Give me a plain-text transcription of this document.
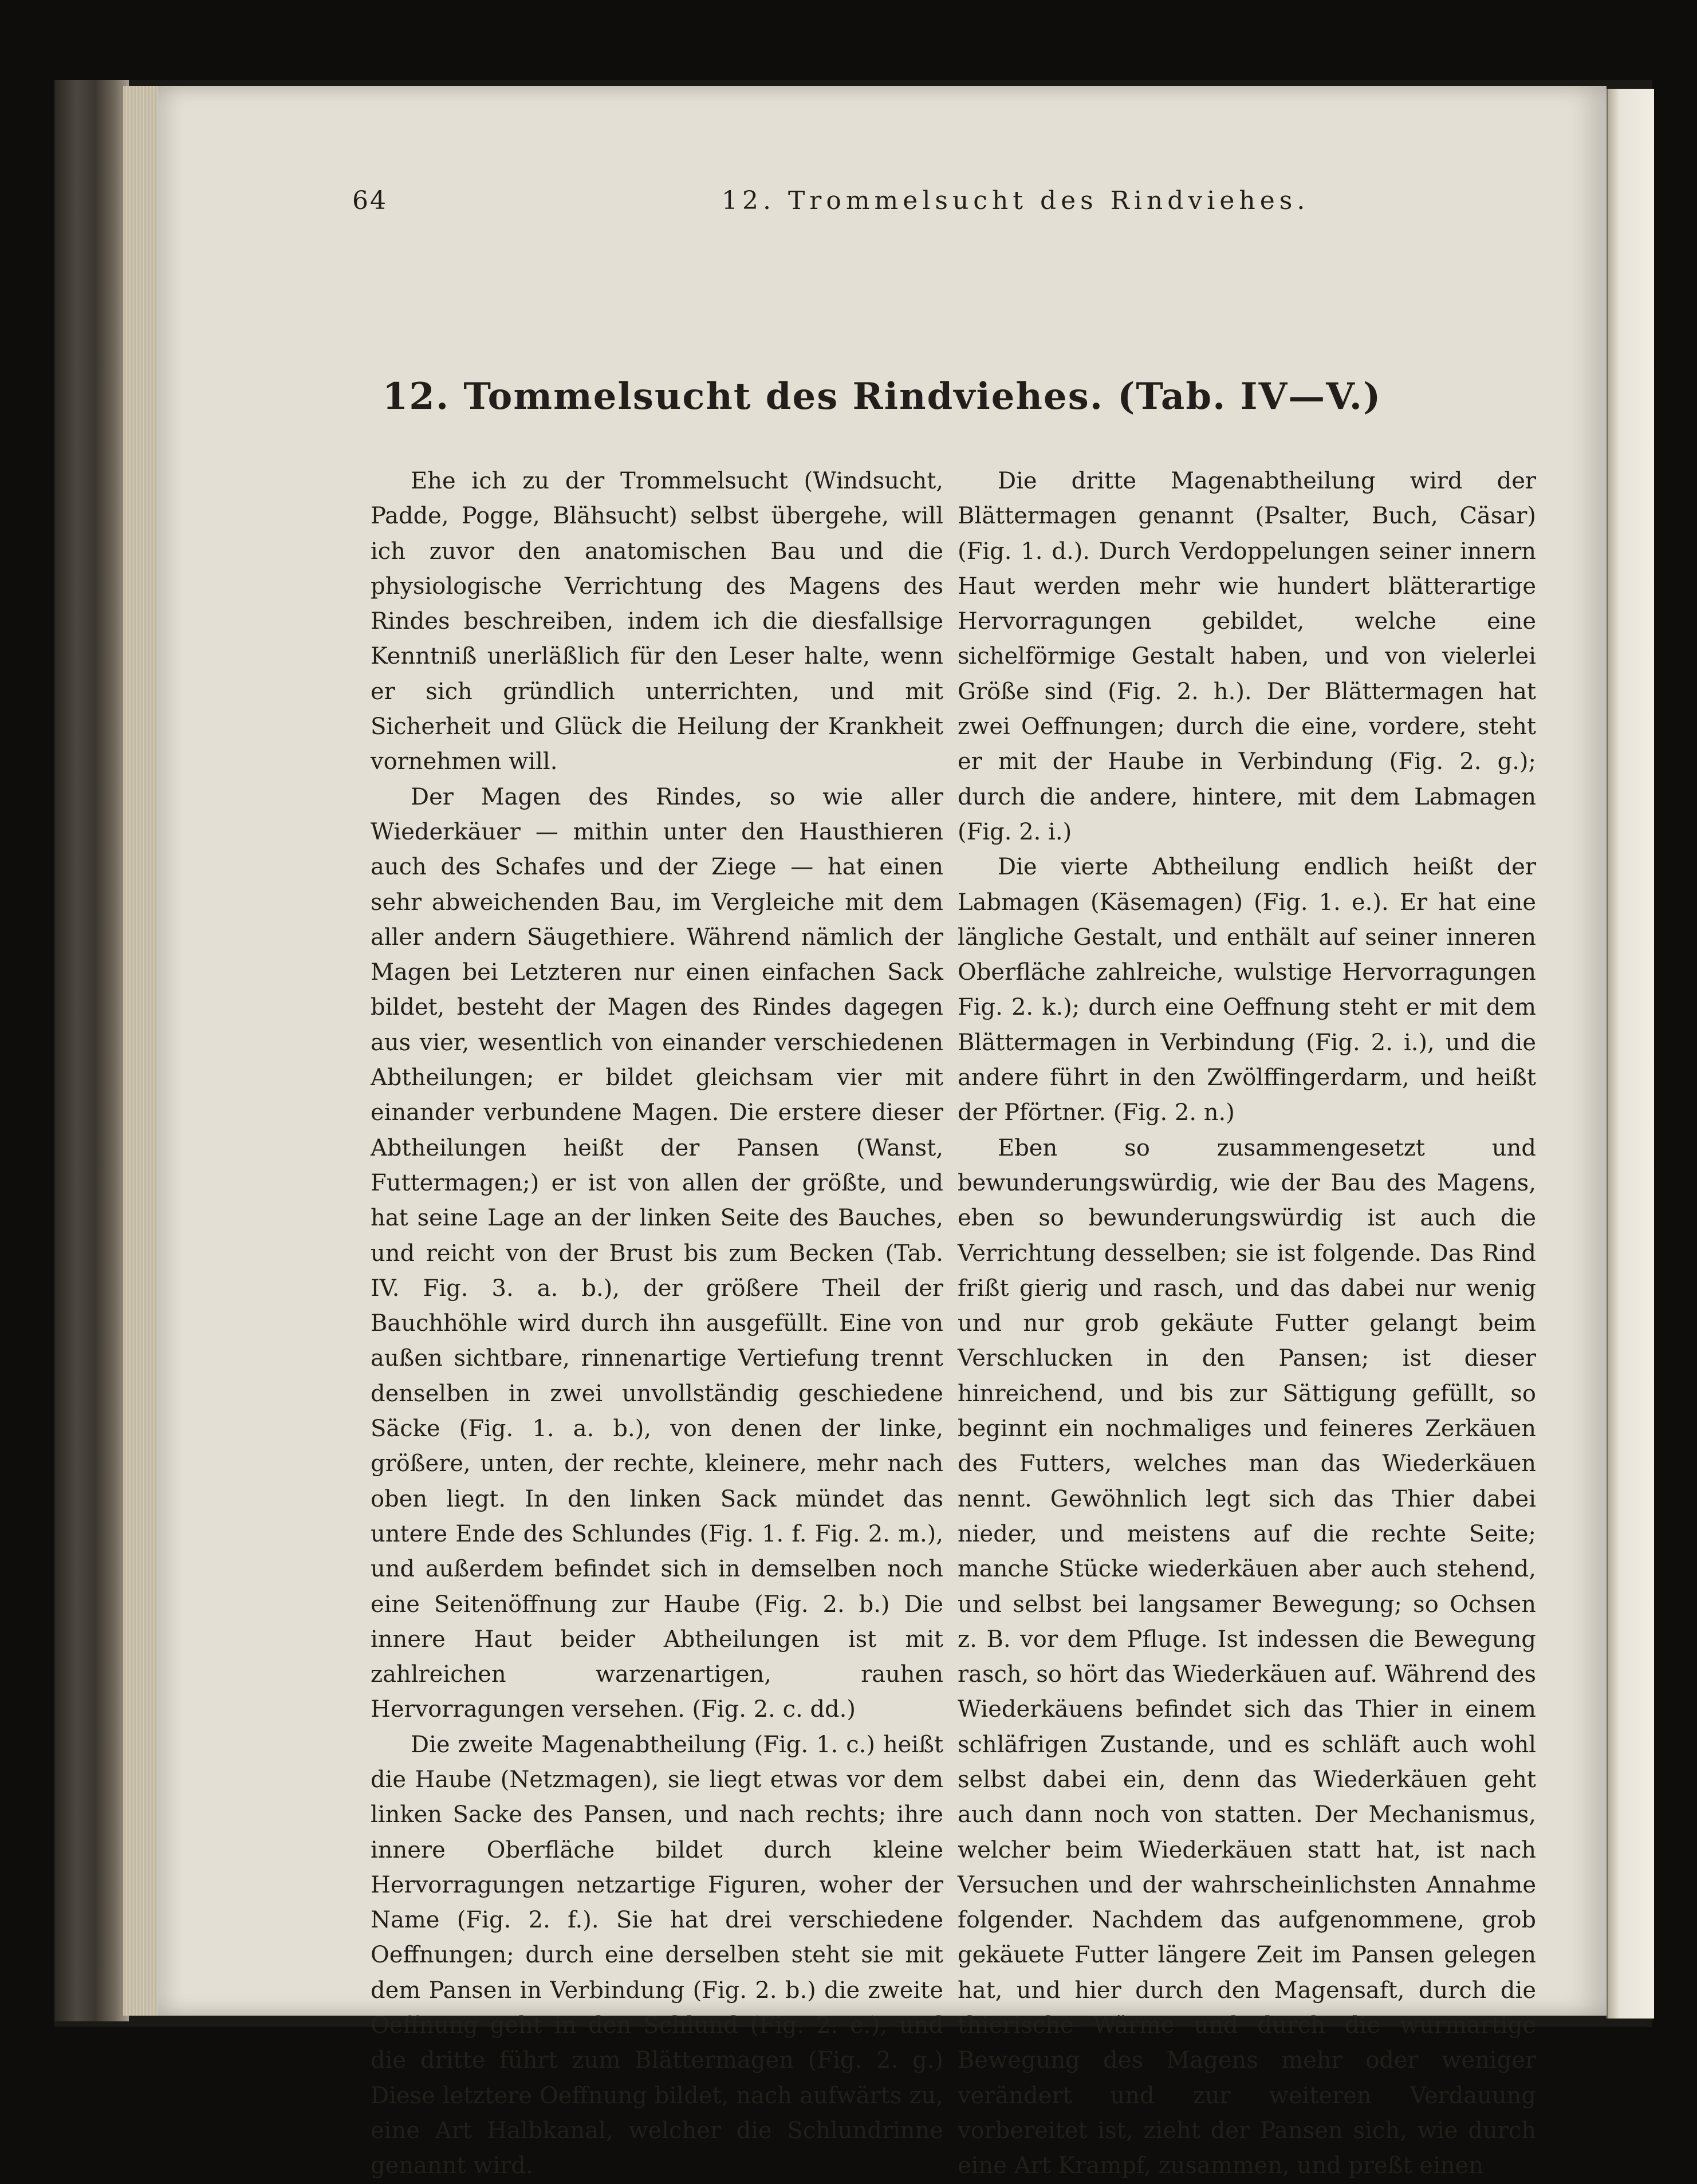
64	12. Trommelsucht des Rindviehes.
12. Tommelsucht des Rindviehes. (Tab. IV—V.)

Ehe ich zu der Trommelsucht (Windsucht, Padde, Pogge, Blähsucht) selbst übergehe, will ich zuvor den anatomischen Bau und die physiologische Verrichtung des Magens des Rindes beschreiben, indem ich die diesfallsige Kenntniß unerläßlich für den Leser halte, wenn er sich gründlich unterrichten, und mit Sicherheit und Glück die Heilung der Krankheit vornehmen will.

Der Magen des Rindes, so wie aller Wiederkäuer — mithin unter den Hausthieren auch des Schafes und der Ziege — hat einen sehr abweichenden Bau, im Vergleiche mit dem aller andern Säugethiere. Während nämlich der Magen bei Letzteren nur einen einfachen Sack bildet, besteht der Magen des Rindes dagegen aus vier, wesentlich von einander verschiedenen Abtheilungen; er bildet gleichsam vier mit einander verbundene Magen. Die erstere dieser Abtheilungen heißt der Pansen (Wanst, Futtermagen;) er ist von allen der größte, und hat seine Lage an der linken Seite des Bauches, und reicht von der Brust bis zum Becken (Tab. IV. Fig. 3. a. b.), der größere Theil der Bauchhöhle wird durch ihn ausgefüllt. Eine von außen sichtbare, rinnenartige Vertiefung trennt denselben in zwei unvollständig geschiedene Säcke (Fig. 1. a. b.), von denen der linke, größere, unten, der rechte, kleinere, mehr nach oben liegt. In den linken Sack mündet das untere Ende des Schlundes (Fig. 1. f. Fig. 2. m.), und außerdem befindet sich in demselben noch eine Seitenöffnung zur Haube (Fig. 2. b.) Die innere Haut beider Abtheilungen ist mit zahlreichen warzenartigen, rauhen Hervorragungen versehen. (Fig. 2. c. dd.)

Die zweite Magenabtheilung (Fig. 1. c.) heißt die Haube (Netzmagen), sie liegt etwas vor dem linken Sacke des Pansen, und nach rechts; ihre innere Oberfläche bildet durch kleine Hervorragungen netzartige Figuren, woher der Name (Fig. 2. f.). Sie hat drei verschiedene Oeffnungen; durch eine derselben steht sie mit dem Pansen in Verbindung (Fig. 2. b.) die zweite Oeffnung geht in den Schlund (Fig. 2. e.), und die dritte führt zum Blättermagen (Fig. 2. g.) Diese letztere Oeffnung bildet, nach aufwärts zu, eine Art Halbkanal, welcher die Schlundrinne genannt wird.

Die dritte Magenabtheilung wird der Blättermagen genannt (Psalter, Buch, Cäsar) (Fig. 1. d.). Durch Verdoppelungen seiner innern Haut werden mehr wie hundert blätterartige Hervorragungen gebildet, welche eine sichelförmige Gestalt haben, und von vielerlei Größe sind (Fig. 2. h.). Der Blättermagen hat zwei Oeffnungen; durch die eine, vordere, steht er mit der Haube in Verbindung (Fig. 2. g.); durch die andere, hintere, mit dem Labmagen (Fig. 2. i.)

Die vierte Abtheilung endlich heißt der Labmagen (Käsemagen) (Fig. 1. e.). Er hat eine längliche Gestalt, und enthält auf seiner inneren Oberfläche zahlreiche, wulstige Hervorragungen Fig. 2. k.); durch eine Oeffnung steht er mit dem Blättermagen in Verbindung (Fig. 2. i.), und die andere führt in den Zwölffingerdarm, und heißt der Pförtner. (Fig. 2. n.)

Eben so zusammengesetzt und bewunderungswürdig, wie der Bau des Magens, eben so bewunderungswürdig ist auch die Verrichtung desselben; sie ist folgende. Das Rind frißt gierig und rasch, und das dabei nur wenig und nur grob gekäute Futter gelangt beim Verschlucken in den Pansen; ist dieser hinreichend, und bis zur Sättigung gefüllt, so beginnt ein nochmaliges und feineres Zerkäuen des Futters, welches man das Wiederkäuen nennt. Gewöhnlich legt sich das Thier dabei nieder, und meistens auf die rechte Seite; manche Stücke wiederkäuen aber auch stehend, und selbst bei langsamer Bewegung; so Ochsen z. B. vor dem Pfluge. Ist indessen die Bewegung rasch, so hört das Wiederkäuen auf. Während des Wiederkäuens befindet sich das Thier in einem schläfrigen Zustande, und es schläft auch wohl selbst dabei ein, denn das Wiederkäuen geht auch dann noch von statten. Der Mechanismus, welcher beim Wiederkäuen statt hat, ist nach Versuchen und der wahrscheinlichsten Annahme folgender. Nachdem das aufgenommene, grob gekäuete Futter längere Zeit im Pansen gelegen hat, und hier durch den Magensaft, durch die thierische Wärme und durch die wurmartige Bewegung des Magens mehr oder weniger verändert und zur weiteren Verdauung vorbereitet ist, zieht der Pansen sich, wie durch eine Art Krampf, zusammen, und preßt einen
